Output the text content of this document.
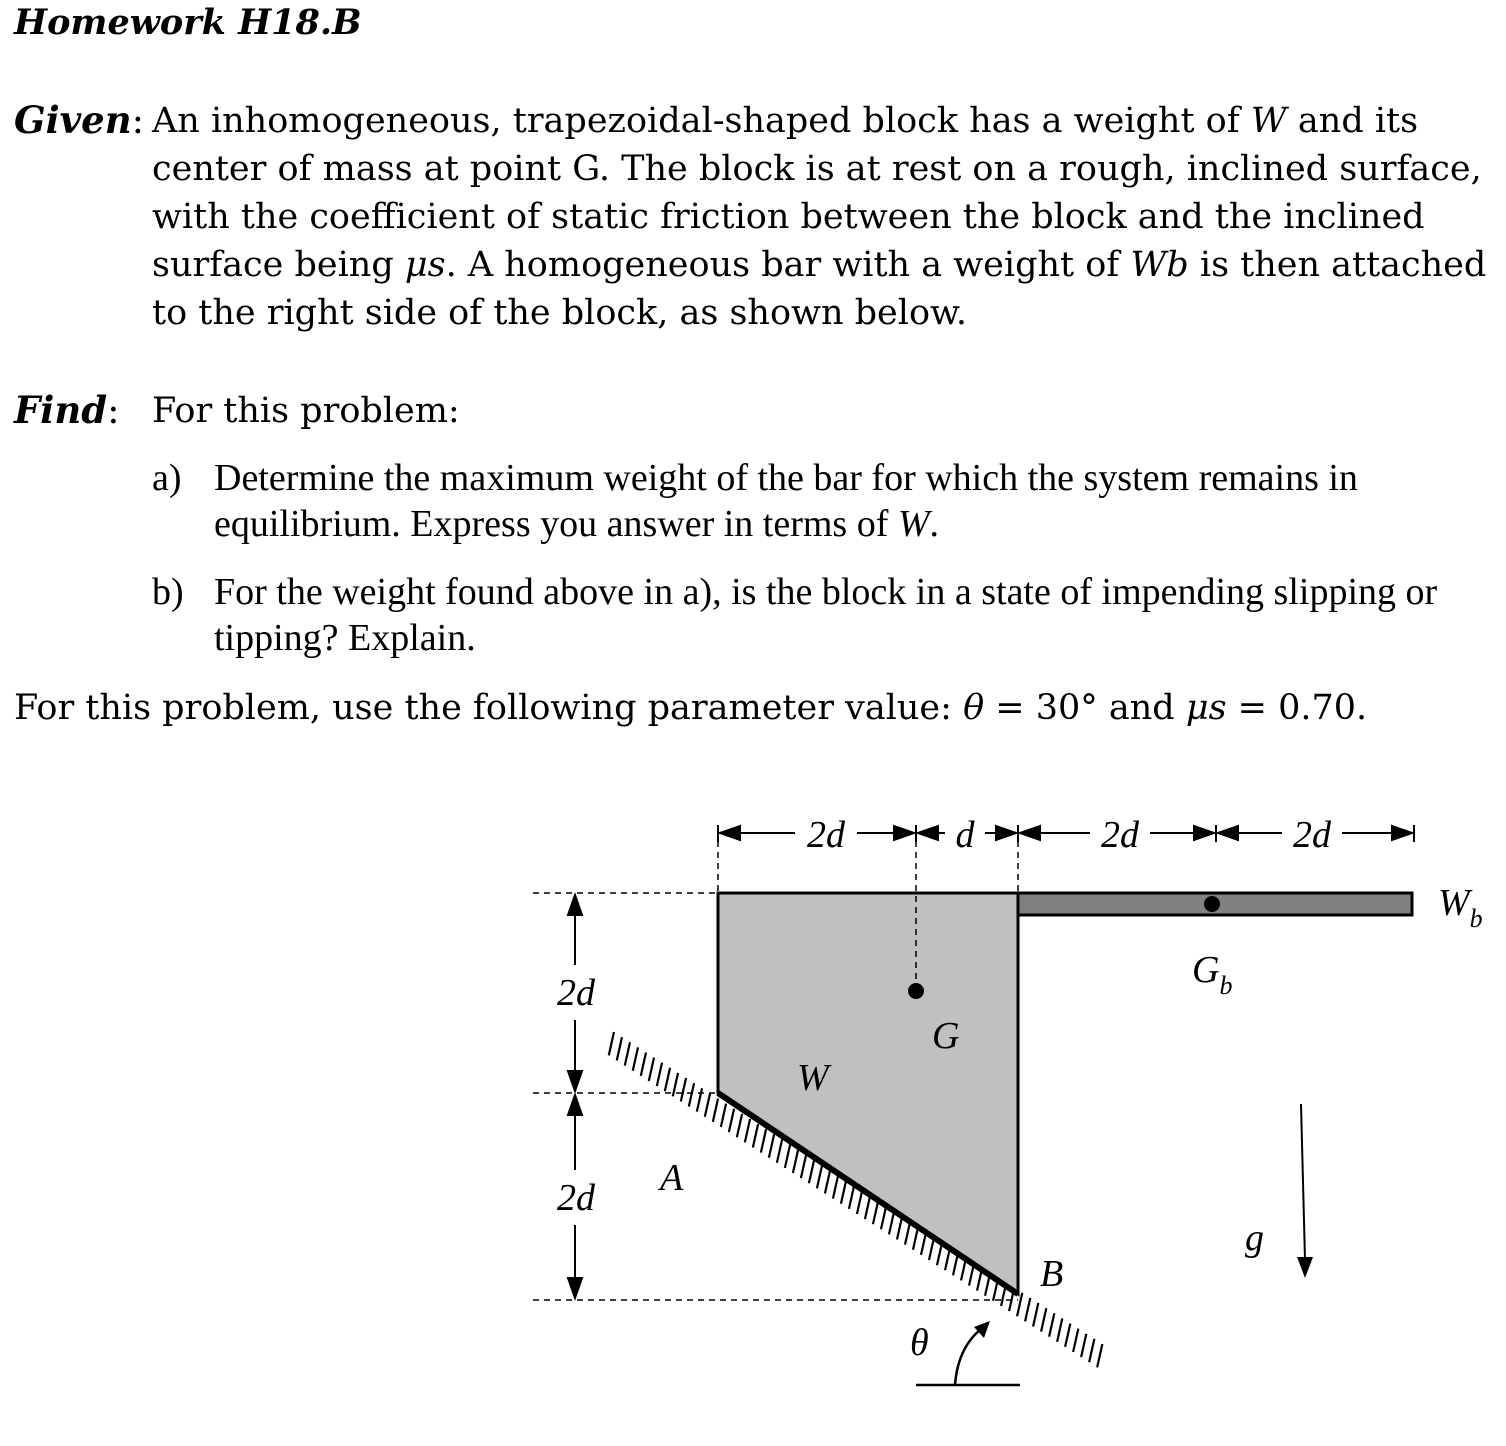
Homework H18.B
Given: An inhomogeneous, trapezoidal-shaped block has a weight of W and its center of mass at point G. The block is at rest on a rough, inclined surface, with the coefficient of static friction between the block and the inclined surface being μs. A homogeneous bar with a weight of Wb is then attached to the right side of the block, as shown below.
Find: For this problem:
a) Determine the maximum weight of the bar for which the system remains in equilibrium. Express you answer in terms of W.
b) For the weight found above in a), is the block in a state of impending slipping or tipping? Explain.
For this problem, use the following parameter value: θ = 30° and μs = 0.70.
2d	d	2d	2d
2d
2d
$W_b$
$G_b$
G
W
A
B
g
θ
